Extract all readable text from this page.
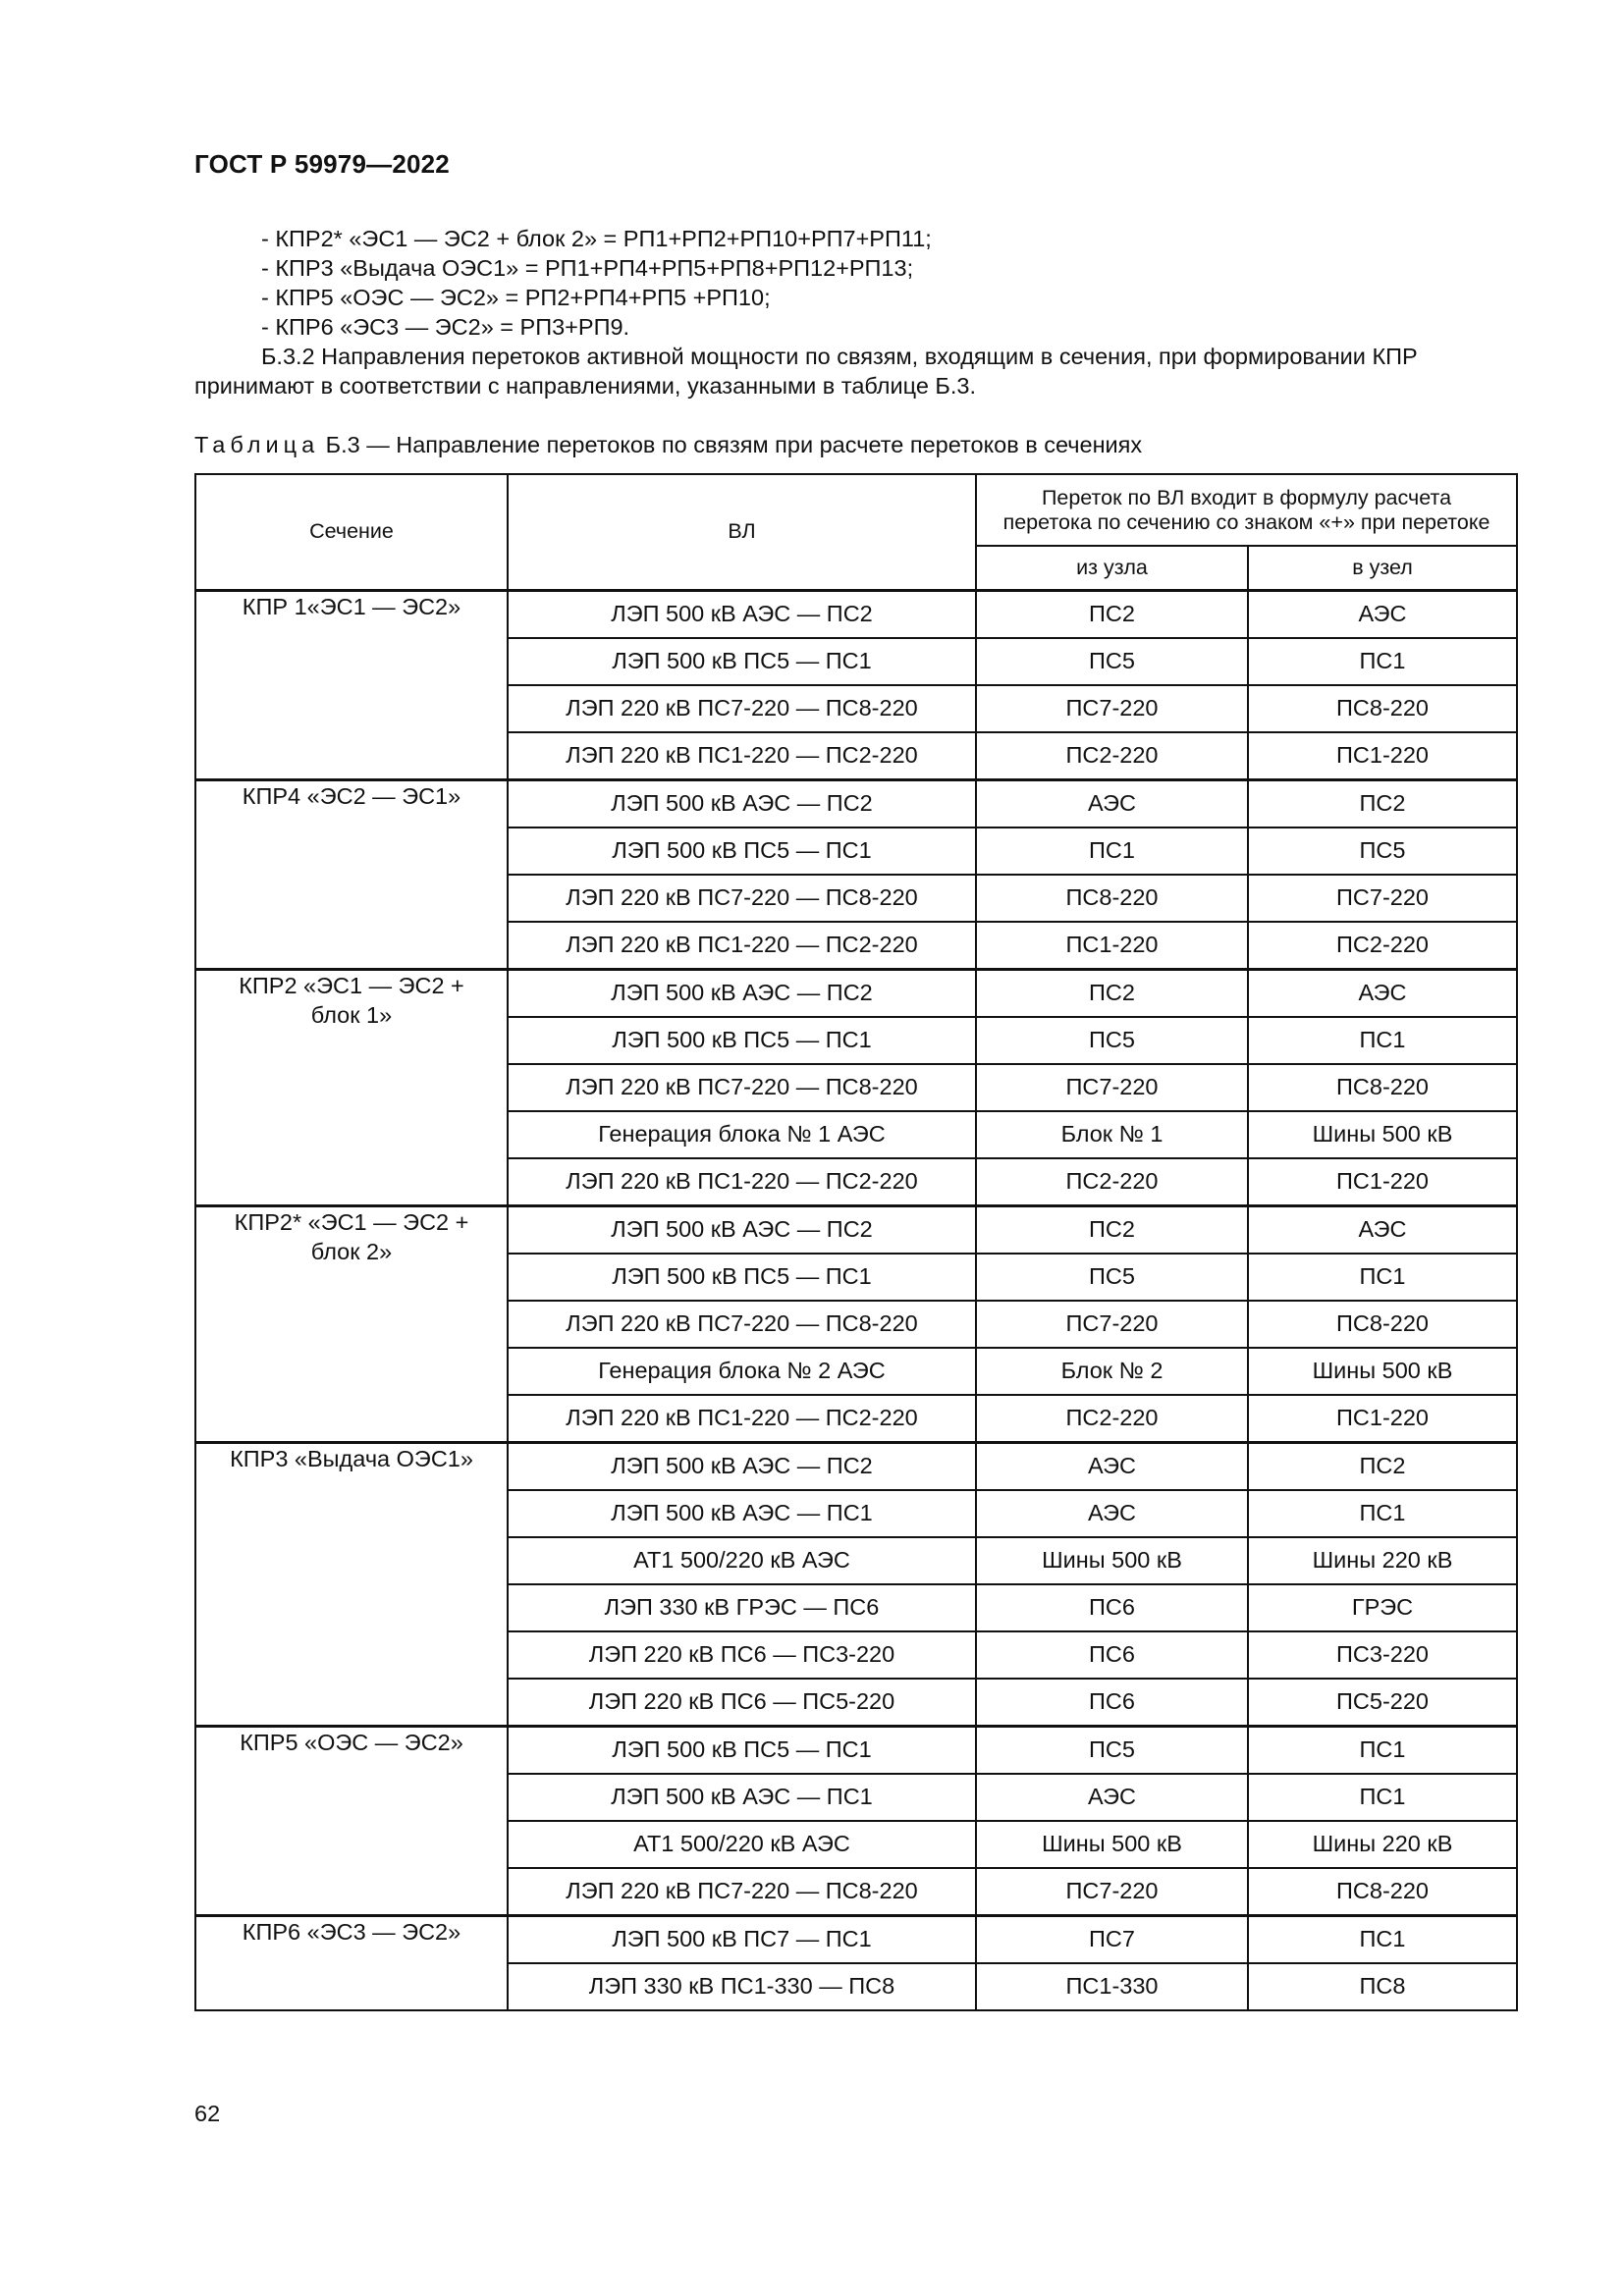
ГОСТ Р 59979—2022
- КПР2* «ЭС1 — ЭС2 + блок 2» = РП1+РП2+РП10+РП7+РП11;
- КПР3 «Выдача ОЭС1» = РП1+РП4+РП5+РП8+РП12+РП13;
- КПР5 «ОЭС — ЭС2» = РП2+РП4+РП5 +РП10;
- КПР6 «ЭС3 — ЭС2» = РП3+РП9.
Б.3.2 Направления перетоков активной мощности по связям, входящим в сечения, при формировании КПР
принимают в соответствии с направлениями, указанными в таблице Б.3.
Таблица Б.3 — Направление перетоков по связям при расчете перетоков в сечениях
Сечение	ВЛ	Переток по ВЛ входит в формулу расчета
перетока по сечению со знаком «+» при перетоке	

		из узла	в узел

КПР 1«ЭС1 — ЭС2»	ЛЭП 500 кВ АЭС — ПС2	ПС2	АЭС
	ЛЭП 500 кВ ПС5 — ПС1	ПС5	ПС1
	ЛЭП 220 кВ ПС7-220 — ПС8-220	ПС7-220	ПС8-220
	ЛЭП 220 кВ ПС1-220 — ПС2-220	ПС2-220	ПС1-220

КПР4 «ЭС2 — ЭС1»	ЛЭП 500 кВ АЭС — ПС2	АЭС	ПС2
	ЛЭП 500 кВ ПС5 — ПС1	ПС1	ПС5
	ЛЭП 220 кВ ПС7-220 — ПС8-220	ПС8-220	ПС7-220
	ЛЭП 220 кВ ПС1-220 — ПС2-220	ПС1-220	ПС2-220

КПР2 «ЭС1 — ЭС2 +
блок 1»	ЛЭП 500 кВ АЭС — ПС2	ПС2	АЭС
	ЛЭП 500 кВ ПС5 — ПС1	ПС5	ПС1
	ЛЭП 220 кВ ПС7-220 — ПС8-220	ПС7-220	ПС8-220
	Генерация блока № 1 АЭС	Блок № 1	Шины 500 кВ
	ЛЭП 220 кВ ПС1-220 — ПС2-220	ПС2-220	ПС1-220

КПР2* «ЭС1 — ЭС2 +
блок 2»	ЛЭП 500 кВ АЭС — ПС2	ПС2	АЭС
	ЛЭП 500 кВ ПС5 — ПС1	ПС5	ПС1
	ЛЭП 220 кВ ПС7-220 — ПС8-220	ПС7-220	ПС8-220
	Генерация блока № 2 АЭС	Блок № 2	Шины 500 кВ
	ЛЭП 220 кВ ПС1-220 — ПС2-220	ПС2-220	ПС1-220

КПР3 «Выдача ОЭС1»	ЛЭП 500 кВ АЭС — ПС2	АЭС	ПС2
	ЛЭП 500 кВ АЭС — ПС1	АЭС	ПС1
	АТ1 500/220 кВ АЭС	Шины 500 кВ	Шины 220 кВ
	ЛЭП 330 кВ ГРЭС — ПС6	ПС6	ГРЭС
	ЛЭП 220 кВ ПС6 — ПС3-220	ПС6	ПС3-220
	ЛЭП 220 кВ ПС6 — ПС5-220	ПС6	ПС5-220

КПР5 «ОЭС — ЭС2»	ЛЭП 500 кВ ПС5 — ПС1	ПС5	ПС1
	ЛЭП 500 кВ АЭС — ПС1	АЭС	ПС1
	АТ1 500/220 кВ АЭС	Шины 500 кВ	Шины 220 кВ
	ЛЭП 220 кВ ПС7-220 — ПС8-220	ПС7-220	ПС8-220

КПР6 «ЭС3 — ЭС2»	ЛЭП 500 кВ ПС7 — ПС1	ПС7	ПС1
	ЛЭП 330 кВ ПС1-330 — ПС8	ПС1-330	ПС8
62
